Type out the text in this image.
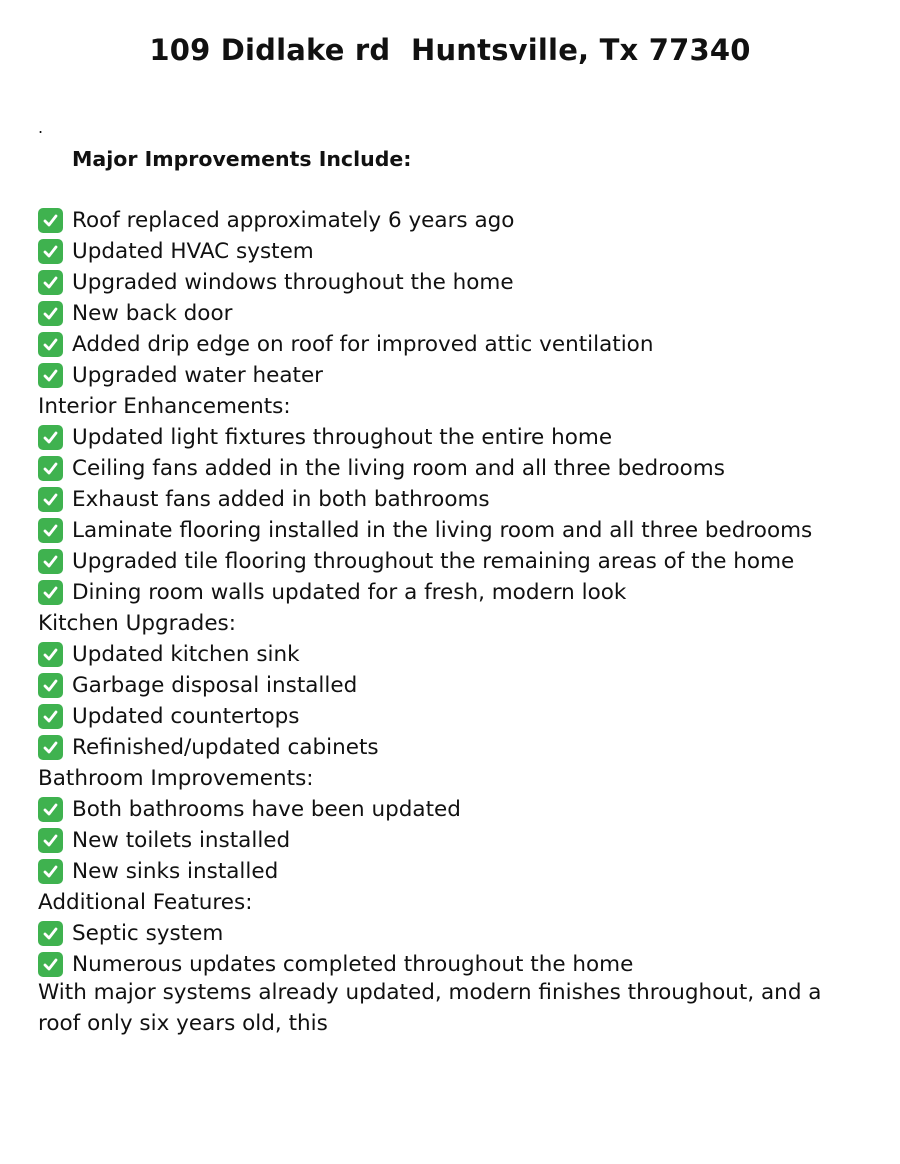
109 Didlake rd  Huntsville, Tx 77340
.
Major Improvements Include:
Roof replaced approximately 6 years ago
Updated HVAC system
Upgraded windows throughout the home
New back door
Added drip edge on roof for improved attic ventilation
Upgraded water heater
Interior Enhancements:
Updated light fixtures throughout the entire home
Ceiling fans added in the living room and all three bedrooms
Exhaust fans added in both bathrooms
Laminate flooring installed in the living room and all three bedrooms
Upgraded tile flooring throughout the remaining areas of the home
Dining room walls updated for a fresh, modern look
Kitchen Upgrades:
Updated kitchen sink
Garbage disposal installed
Updated countertops
Refinished/updated cabinets
Bathroom Improvements:
Both bathrooms have been updated
New toilets installed
New sinks installed
Additional Features:
Septic system
Numerous updates completed throughout the home
With major systems already updated, modern finishes throughout, and a roof only six years old, this
